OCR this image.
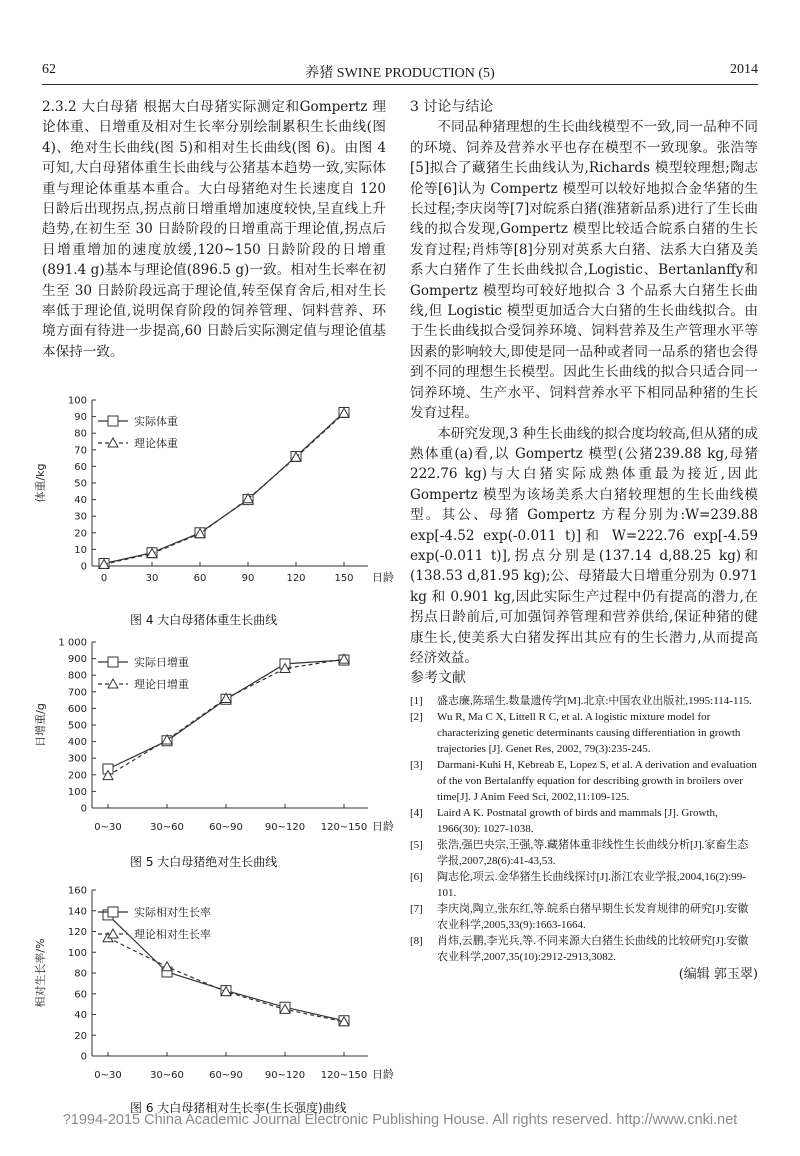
62	养猪 SWINE PRODUCTION (5)	2014

2.3.2 大白母猪 根据大白母猪实际测定和Gompertz 理论体重、日增重及相对生长率分别绘制累积生长曲线(图 4)、绝对生长曲线(图 5)和相对生长曲线(图 6)。由图 4 可知,大白母猪体重生长曲线与公猪基本趋势一致,实际体重与理论体重基本重合。大白母猪绝对生长速度自 120 日龄后出现拐点,拐点前日增重增加速度较快,呈直线上升趋势,在初生至 30 日龄阶段的日增重高于理论值,拐点后日增重增加的速度放缓,120~150 日龄阶段的日增重(891.4 g)基本与理论值(896.5 g)一致。相对生长率在初生至 30 日龄阶段远高于理论值,转至保育舍后,相对生长率低于理论值,说明保育阶段的饲养管理、饲料营养、环境方面有待进一步提高,60 日龄后实际测定值与理论值基本保持一致。

3 讨论与结论

不同品种猪理想的生长曲线模型不一致,同一品种不同的环境、饲养及营养水平也存在模型不一致现象。张浩等[5]拟合了藏猪生长曲线认为,Richards 模型较理想;陶志伦等[6]认为 Compertz 模型可以较好地拟合金华猪的生长过程;李庆岗等[7]对皖系白猪(淮猪新品系)进行了生长曲线的拟合发现,Gompertz 模型比较适合皖系白猪的生长发育过程;肖炜等[8]分别对英系大白猪、法系大白猪及美系大白猪作了生长曲线拟合,Logistic、Bertanlanffy和 Gompertz 模型均可较好地拟合 3 个品系大白猪生长曲线,但 Logistic 模型更加适合大白猪的生长曲线拟合。由于生长曲线拟合受饲养环境、饲料营养及生产管理水平等因素的影响较大,即使是同一品种或者同一品系的猪也会得到不同的理想生长模型。因此生长曲线的拟合只适合同一饲养环境、生产水平、饲料营养水平下相同品种猪的生长发育过程。

本研究发现,3 种生长曲线的拟合度均较高,但从猪的成熟体重(a)看,以 Gompertz 模型(公猪239.88 kg,母猪 222.76 kg)与大白猪实际成熟体重最为接近,因此 Gompertz 模型为该场美系大白猪较理想的生长曲线模型。其公、母猪 Gompertz 方程分别为:W=239.88 exp[-4.52 exp(-0.011 t)]和 W=222.76 exp[-4.59 exp(-0.011 t)],拐点分别是(137.14 d,88.25 kg)和(138.53 d,81.95 kg);公、母猪最大日增重分别为 0.971 kg 和 0.901 kg,因此实际生产过程中仍有提高的潜力,在拐点日龄前后,可加强饲养管理和营养供给,保证种猪的健康生长,使美系大白猪发挥出其应有的生长潜力,从而提高经济效益。

参考文献

[1]	盛志廉,陈瑶生.数量遗传学[M].北京:中国农业出版社,1995:114-115.
[2]	Wu R, Ma C X, Littell R C, et al. A logistic mixture model for characterizing genetic determinants causing differentiation in growth trajectories [J]. Genet Res, 2002, 79(3):235-245.
[3]	Darmani-Kuhi H, Kebreab E, Lopez S, et al. A derivation and evaluation of the von Bertalanffy equation for describing growth in broilers over time[J]. J Anim Feed Sci, 2002,11:109-125.
[4]	Laird A K. Postnatal growth of birds and mammals [J]. Growth, 1966(30): 1027-1038.
[5]	张浩,强巴央宗,王强,等.藏猪体重非线性生长曲线分析[J].家畜生态学报,2007,28(6):41-43,53.
[6]	陶志伦,项云.金华猪生长曲线探讨[J].浙江农业学报,2004,16(2):99-101.
[7]	李庆岗,陶立,张东红,等.皖系白猪早期生长发育规律的研究[J].安徽农业科学,2005,33(9):1663-1664.
[8]	肖炜,云鹏,李光兵,等.不同来源大白猪生长曲线的比较研究[J].安徽农业科学,2007,35(10):2912-2913,3082.

(编辑 郭玉翠)

0
10
20
30
40
50
60
70
80
90
100
0	30	60	90	120	150 日龄
体重/kg
实际体重
理论体重
图 4 大白母猪体重生长曲线
0
100
200
300
400
500
600
700
800
900
1 000
0~30	30~60	60~90 90~120 120~150 日龄
日增重/g
实际日增重
理论日增重
图 5 大白母猪绝对生长曲线
0
20
40
60
80
100
120
140
160
0~30	30~60	60~90 90~120 120~150 日龄
相对生长率/%
实际相对生长率
理论相对生长率
图 6 大白母猪相对生长率(生长强度)曲线
?1994-2015 China Academic Journal Electronic Publishing House. All rights reserved. http://www.cnki.net
